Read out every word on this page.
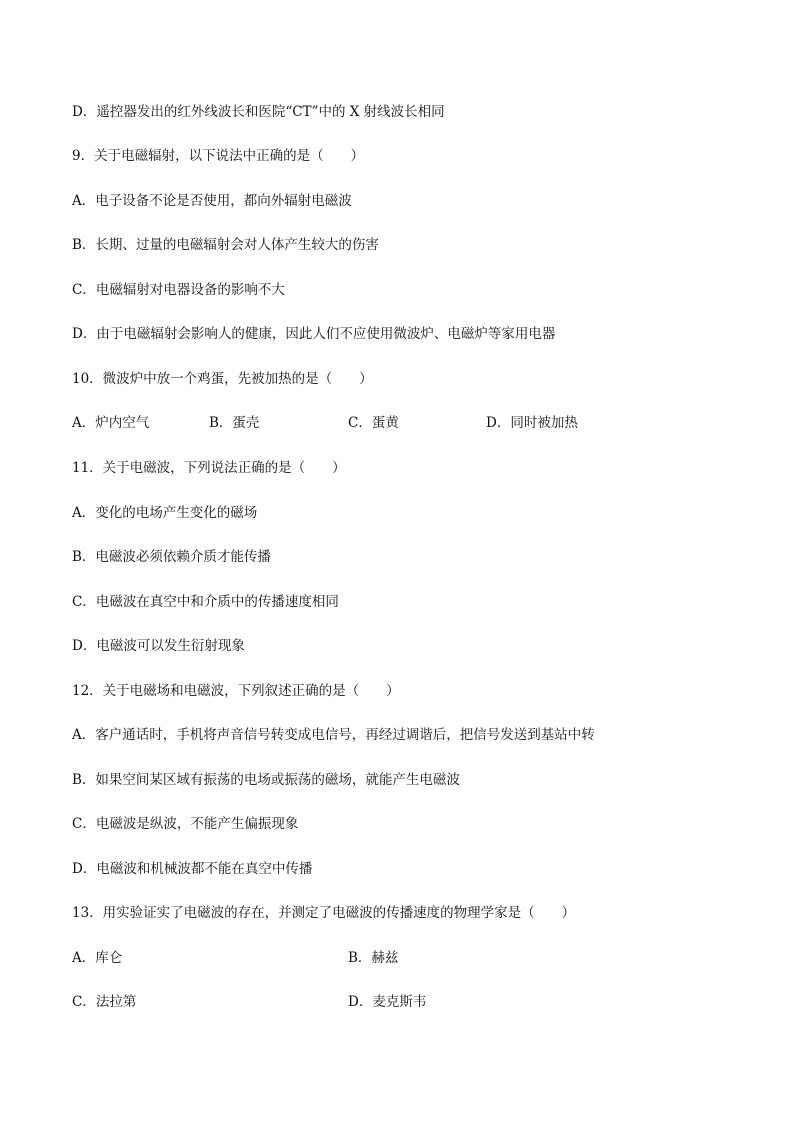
D．遥控器发出的红外线波长和医院“CT”中的 X 射线波长相同
9．关于电磁辐射，以下说法中正确的是（　　）
A．电子设备不论是否使用，都向外辐射电磁波
B．长期、过量的电磁辐射会对人体产生较大的伤害
C．电磁辐射对电器设备的影响不大
D．由于电磁辐射会影响人的健康，因此人们不应使用微波炉、电磁炉等家用电器
10．微波炉中放一个鸡蛋，先被加热的是（　　）
A．炉内空气	B．蛋壳	C．蛋黄	D．同时被加热
11．关于电磁波，下列说法正确的是（　　）
A．变化的电场产生变化的磁场
B．电磁波必须依赖介质才能传播
C．电磁波在真空中和介质中的传播速度相同
D．电磁波可以发生衍射现象
12．关于电磁场和电磁波，下列叙述正确的是（　　）
A．客户通话时，手机将声音信号转变成电信号，再经过调谐后，把信号发送到基站中转
B．如果空间某区域有振荡的电场或振荡的磁场，就能产生电磁波
C．电磁波是纵波，不能产生偏振现象
D．电磁波和机械波都不能在真空中传播
13．用实验证实了电磁波的存在，并测定了电磁波的传播速度的物理学家是（　　）
A．库仑	B．赫兹
C．法拉第	D．麦克斯韦
